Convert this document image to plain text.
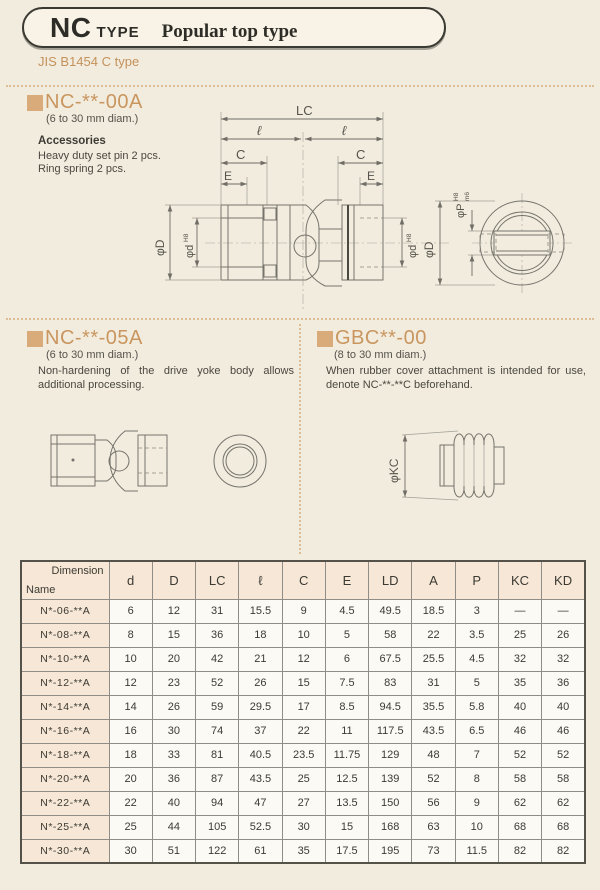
NC TYPE Popular top type
JIS B1454 C type
NC-**-00A
(6 to 30 mm diam.)
Accessories
Heavy duty set pin 2 pcs.
Ring spring 2 pcs.
LC
ℓ	ℓ
C	C
E	E
φD φd
H8
φd
H8
φD
φP
H8 m6
NC-**-05A
(6 to 30 mm diam.)
Non-hardening of the drive yoke body allows additional processing.
GBC**-00
(8 to 30 mm diam.)
When rubber cover attachment is intended for use, denote NC-**-**C beforehand.
φKC
Dimension
Name	d	D	LC	ℓ	C	E	LD	A	P	KC	KD
N*-06-**A	6	12	31	15.5	9	4.5	49.5	18.5	3	—	—
N*-08-**A	8	15	36	18	10	5	58	22	3.5	25	26
N*-10-**A	10	20	42	21	12	6	67.5	25.5	4.5	32	32
N*-12-**A	12	23	52	26	15	7.5	83	31	5	35	36
N*-14-**A	14	26	59	29.5	17	8.5	94.5	35.5	5.8	40	40
N*-16-**A	16	30	74	37	22	11	117.5	43.5	6.5	46	46
N*-18-**A	18	33	81	40.5	23.5	11.75	129	48	7	52	52
N*-20-**A	20	36	87	43.5	25	12.5	139	52	8	58	58
N*-22-**A	22	40	94	47	27	13.5	150	56	9	62	62
N*-25-**A	25	44	105	52.5	30	15	168	63	10	68	68
N*-30-**A	30	51	122	61	35	17.5	195	73	11.5	82	82
